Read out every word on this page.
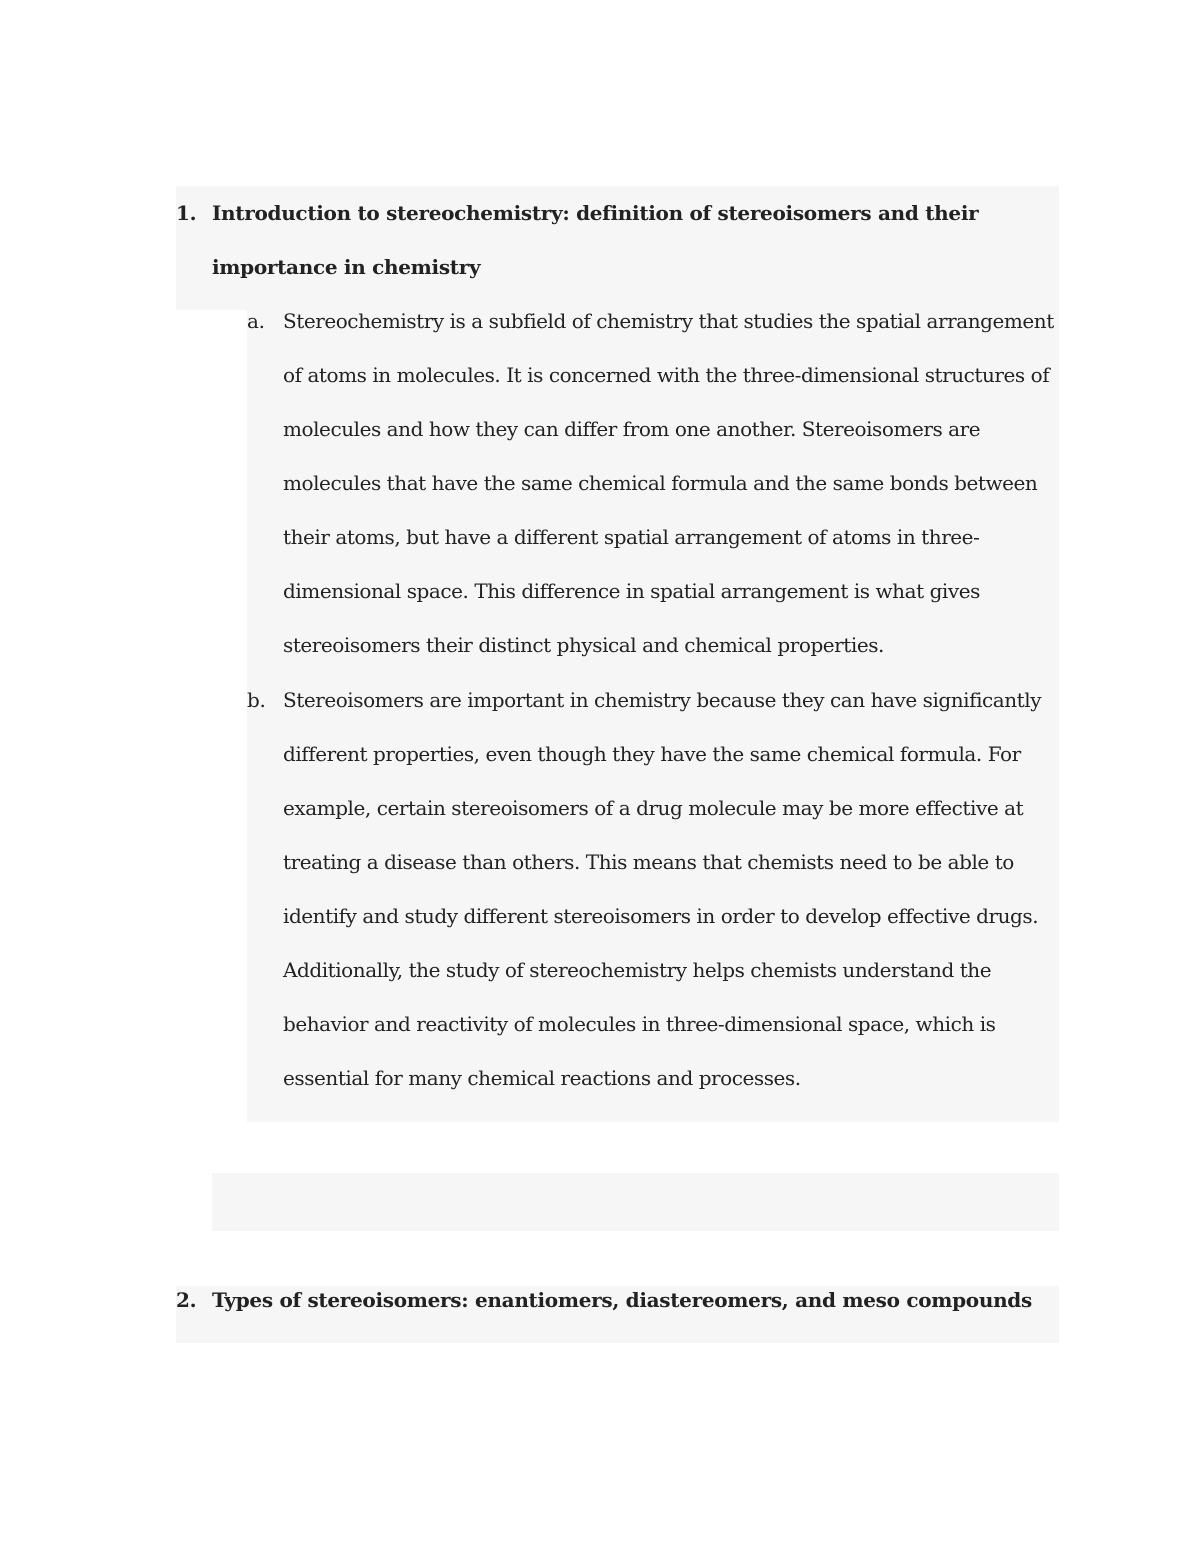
1. Introduction to stereochemistry: definition of stereoisomers and their importance in chemistry
a. Stereochemistry is a subfield of chemistry that studies the spatial arrangement of atoms in molecules. It is concerned with the three-dimensional structures of molecules and how they can differ from one another. Stereoisomers are molecules that have the same chemical formula and the same bonds between their atoms, but have a different spatial arrangement of atoms in three-dimensional space. This difference in spatial arrangement is what gives stereoisomers their distinct physical and chemical properties.

b. Stereoisomers are important in chemistry because they can have significantly different properties, even though they have the same chemical formula. For example, certain stereoisomers of a drug molecule may be more effective at treating a disease than others. This means that chemists need to be able to identify and study different stereoisomers in order to develop effective drugs. Additionally, the study of stereochemistry helps chemists understand the behavior and reactivity of molecules in three-dimensional space, which is essential for many chemical reactions and processes.

2. Types of stereoisomers: enantiomers, diastereomers, and meso compounds
